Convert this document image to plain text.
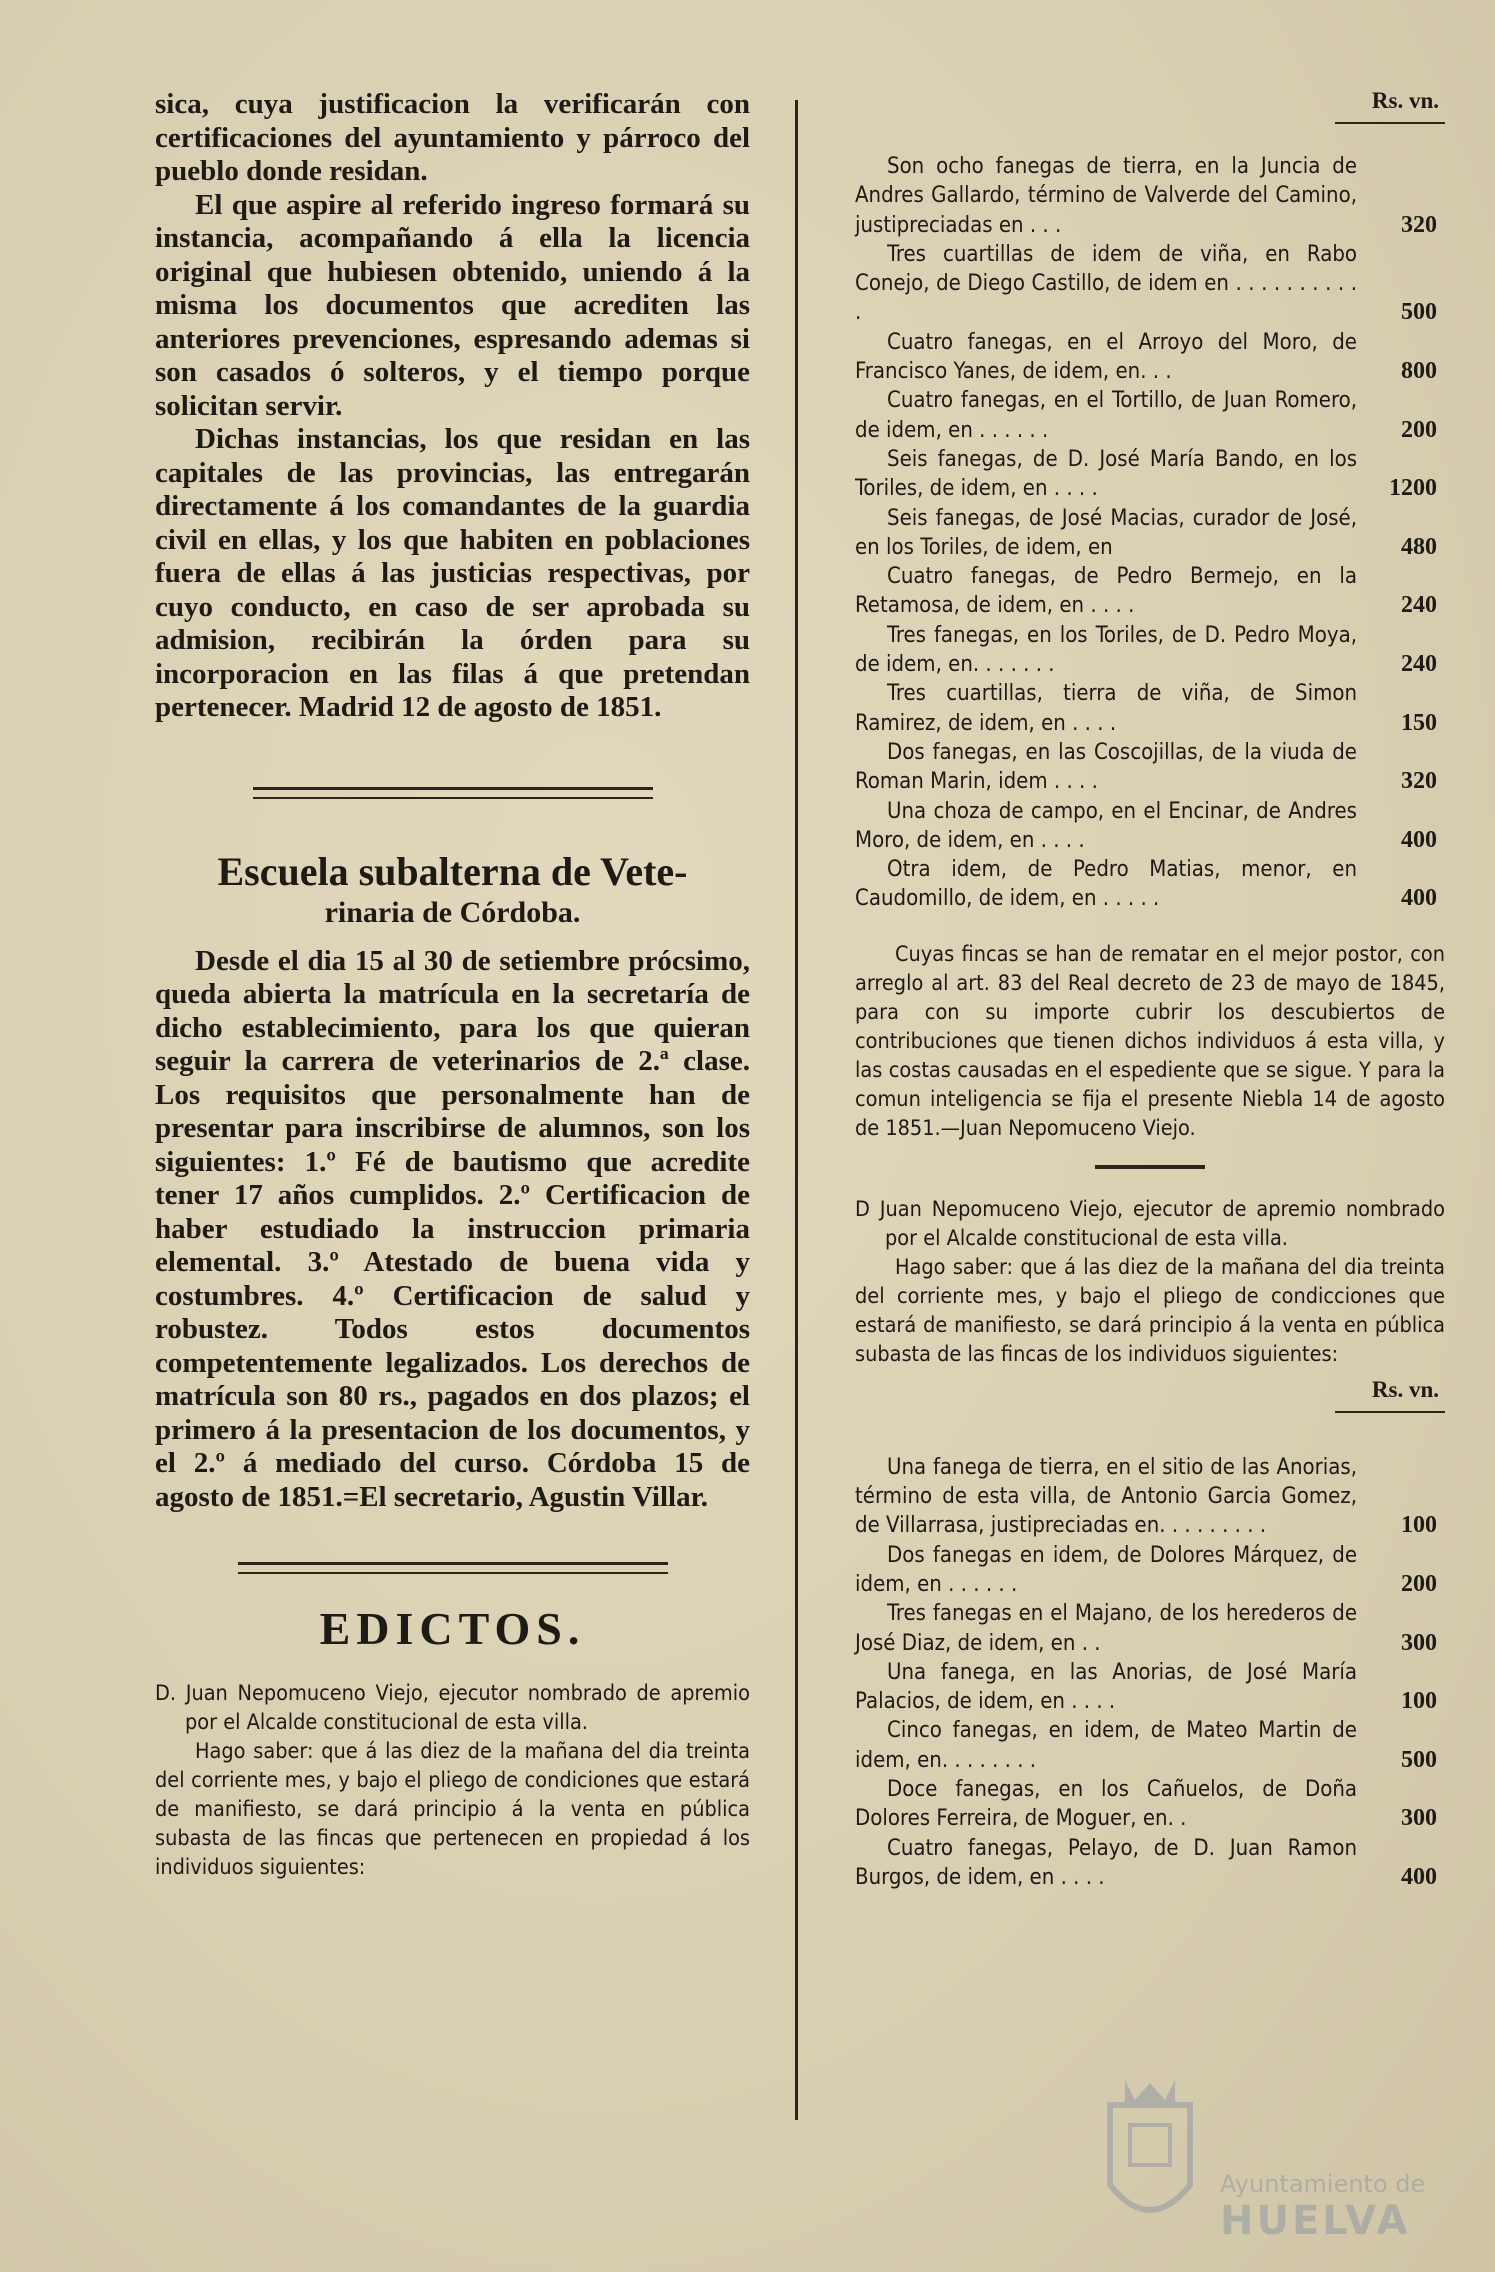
sica, cuya justificacion la verificarán con certificaciones del ayuntamiento y párroco del pueblo donde residan.

El que aspire al referido ingreso formará su instancia, acompañando á ella la licencia original que hubiesen obtenido, uniendo á la misma los documentos que acrediten las anteriores prevenciones, espresando ademas si son casados ó solteros, y el tiempo porque solicitan servir.

Dichas instancias, los que residan en las capitales de las provincias, las entregarán directamente á los comandantes de la guardia civil en ellas, y los que habiten en poblaciones fuera de ellas á las justicias respectivas, por cuyo conducto, en caso de ser aprobada su admision, recibirán la órden para su incorporacion en las filas á que pretendan pertenecer. Madrid 12 de agosto de 1851.

Escuela subalterna de Vete-

rinaria de Córdoba.

Desde el dia 15 al 30 de setiembre prócsimo, queda abierta la matrícula en la secretaría de dicho establecimiento, para los que quieran seguir la carrera de veterinarios de 2.ª clase. Los requisitos que personalmente han de presentar para inscribirse de alumnos, son los siguientes: 1.º Fé de bautismo que acredite tener 17 años cumplidos. 2.º Certificacion de haber estudiado la instruccion primaria elemental. 3.º Atestado de buena vida y costumbres. 4.º Certificacion de salud y robustez. Todos estos documentos competentemente legalizados. Los derechos de matrícula son 80 rs., pagados en dos plazos; el primero á la presentacion de los documentos, y el 2.º á mediado del curso. Córdoba 15 de agosto de 1851.=El secretario, Agustin Villar.

EDICTOS.

D. Juan Nepomuceno Viejo, ejecutor nombrado de apremio por el Alcalde constitucional de esta villa.

Hago saber: que á las diez de la mañana del dia treinta del corriente mes, y bajo el pliego de condiciones que estará de manifiesto, se dará principio á la venta en pública subasta de las fincas que pertenecen en propiedad á los individuos siguientes:

Rs. vn.
Son ocho fanegas de tierra, en la Juncia de Andres Gallardo, término de Valverde del Camino, justipreciadas en . . .	320
Tres cuartillas de idem de viña, en Rabo Conejo, de Diego Castillo, de idem en . . . . . . . . . . .	500
Cuatro fanegas, en el Arroyo del Moro, de Francisco Yanes, de idem, en. . .	800
Cuatro fanegas, en el Tortillo, de Juan Romero, de idem, en . . . . . .	200
Seis fanegas, de D. José María Bando, en los Toriles, de idem, en . . . .	1200
Seis fanegas, de José Macias, curador de José, en los Toriles, de idem, en	480
Cuatro fanegas, de Pedro Bermejo, en la Retamosa, de idem, en . . . .	240
Tres fanegas, en los Toriles, de D. Pedro Moya, de idem, en. . . . . . .	240
Tres cuartillas, tierra de viña, de Simon Ramirez, de idem, en . . . .	150
Dos fanegas, en las Coscojillas, de la viuda de Roman Marin, idem . . . .	320
Una choza de campo, en el Encinar, de Andres Moro, de idem, en . . . .	400
Otra idem, de Pedro Matias, menor, en Caudomillo, de idem, en . . . . .	400

Cuyas fincas se han de rematar en el mejor postor, con arreglo al art. 83 del Real decreto de 23 de mayo de 1845, para con su importe cubrir los descubiertos de contribuciones que tienen dichos individuos á esta villa, y las costas causadas en el espediente que se sigue. Y para la comun inteligencia se fija el presente Niebla 14 de agosto de 1851.—Juan Nepomuceno Viejo.

D Juan Nepomuceno Viejo, ejecutor de apremio nombrado por el Alcalde constitucional de esta villa.

Hago saber: que á las diez de la mañana del dia treinta del corriente mes, y bajo el pliego de condicciones que estará de manifiesto, se dará principio á la venta en pública subasta de las fincas de los individuos siguientes:

Rs. vn.
Una fanega de tierra, en el sitio de las Anorias, término de esta villa, de Antonio Garcia Gomez, de Villarrasa, justipreciadas en. . . . . . . . .	100
Dos fanegas en idem, de Dolores Márquez, de idem, en . . . . . .	200
Tres fanegas en el Majano, de los herederos de José Diaz, de idem, en . .	300
Una fanega, en las Anorias, de José María Palacios, de idem, en . . . .	100
Cinco fanegas, en idem, de Mateo Martin de idem, en. . . . . . . .	500
Doce fanegas, en los Cañuelos, de Doña Dolores Ferreira, de Moguer, en. .	300
Cuatro fanegas, Pelayo, de D. Juan Ramon Burgos, de idem, en . . . .	400
Ayuntamiento de
HUELVA
